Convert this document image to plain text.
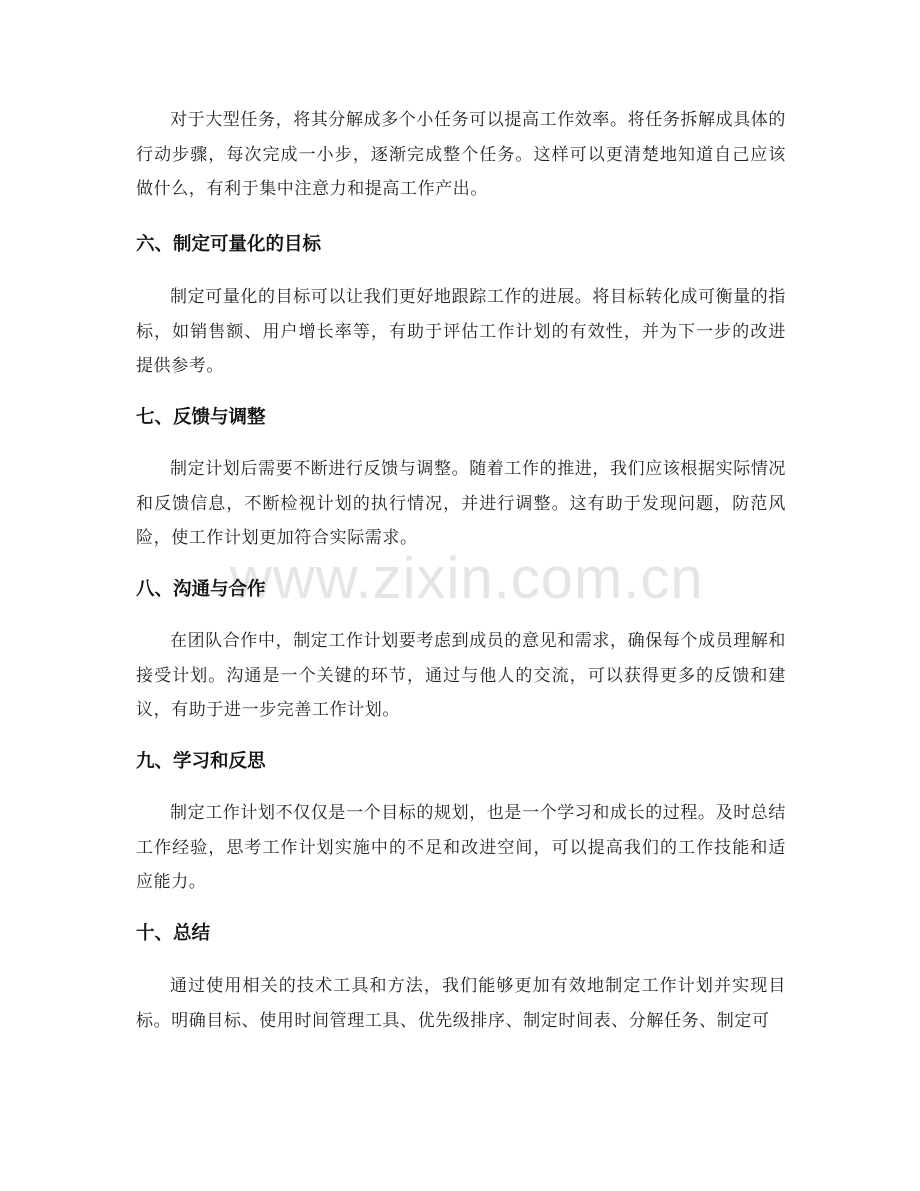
www.zixin.com.cn

对于大型任务，将其分解成多个小任务可以提高工作效率。将任务拆解成具体的行动步骤，每次完成一小步，逐渐完成整个任务。这样可以更清楚地知道自己应该做什么，有利于集中注意力和提高工作产出。

六、制定可量化的目标

制定可量化的目标可以让我们更好地跟踪工作的进展。将目标转化成可衡量的指标，如销售额、用户增长率等，有助于评估工作计划的有效性，并为下一步的改进提供参考。

七、反馈与调整

制定计划后需要不断进行反馈与调整。随着工作的推进，我们应该根据实际情况和反馈信息，不断检视计划的执行情况，并进行调整。这有助于发现问题，防范风险，使工作计划更加符合实际需求。

八、沟通与合作

在团队合作中，制定工作计划要考虑到成员的意见和需求，确保每个成员理解和接受计划。沟通是一个关键的环节，通过与他人的交流，可以获得更多的反馈和建议，有助于进一步完善工作计划。

九、学习和反思

制定工作计划不仅仅是一个目标的规划，也是一个学习和成长的过程。及时总结工作经验，思考工作计划实施中的不足和改进空间，可以提高我们的工作技能和适应能力。

十、总结

通过使用相关的技术工具和方法，我们能够更加有效地制定工作计划并实现目标。明确目标、使用时间管理工具、优先级排序、制定时间表、分解任务、制定可
